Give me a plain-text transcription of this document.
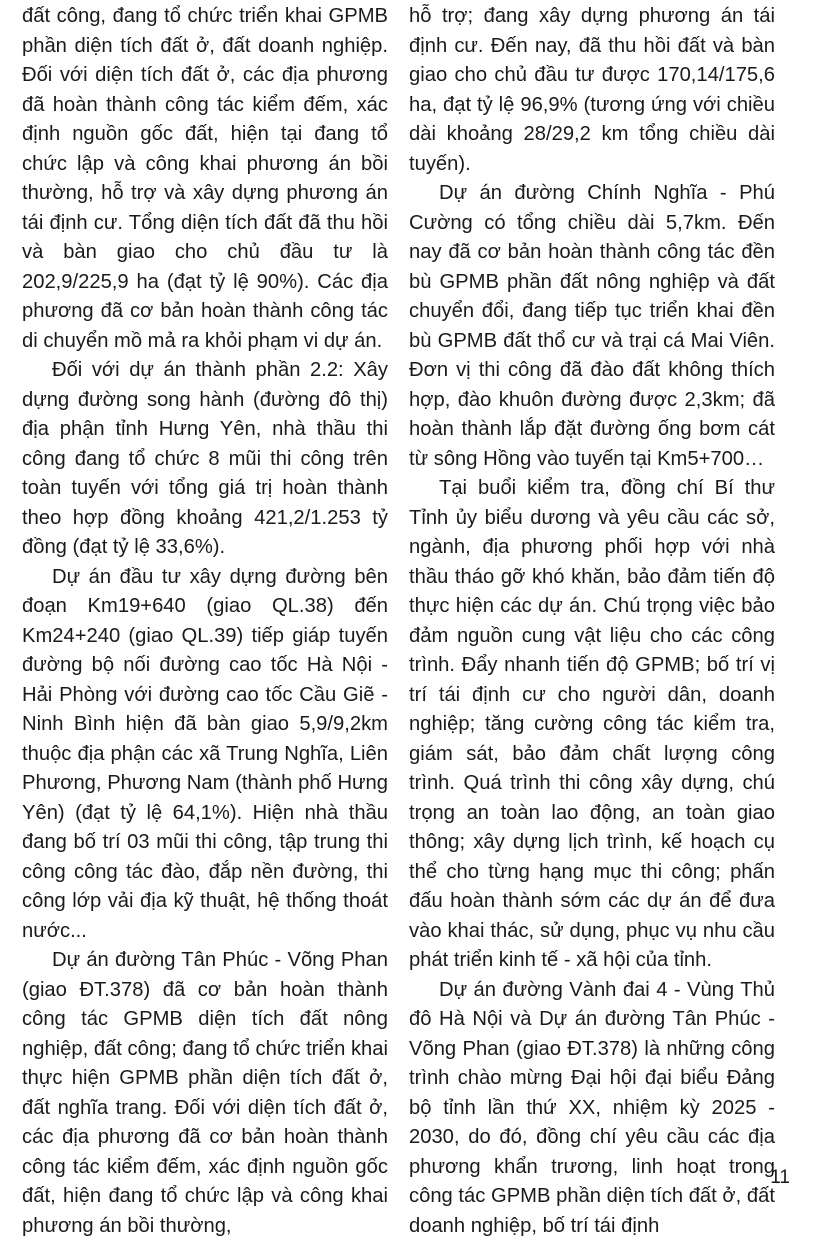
đất công, đang tổ chức triển khai GPMB phần diện tích đất ở, đất doanh nghiệp. Đối với diện tích đất ở, các địa phương đã hoàn thành công tác kiểm đếm, xác định nguồn gốc đất, hiện tại đang tổ chức lập và công khai phương án bồi thường, hỗ trợ và xây dựng phương án tái định cư. Tổng diện tích đất đã thu hồi và bàn giao cho chủ đầu tư là 202,9/225,9 ha (đạt tỷ lệ 90%). Các địa phương đã cơ bản hoàn thành công tác di chuyển mồ mả ra khỏi phạm vi dự án.

Đối với dự án thành phần 2.2: Xây dựng đường song hành (đường đô thị) địa phận tỉnh Hưng Yên, nhà thầu thi công đang tổ chức 8 mũi thi công trên toàn tuyến với tổng giá trị hoàn thành theo hợp đồng khoảng 421,2/1.253 tỷ đồng (đạt tỷ lệ 33,6%).

Dự án đầu tư xây dựng đường bên đoạn Km19+640 (giao QL.38) đến Km24+240 (giao QL.39) tiếp giáp tuyến đường bộ nối đường cao tốc Hà Nội - Hải Phòng với đường cao tốc Cầu Giẽ - Ninh Bình hiện đã bàn giao 5,9/9,2km thuộc địa phận các xã Trung Nghĩa, Liên Phương, Phương Nam (thành phố Hưng Yên) (đạt tỷ lệ 64,1%). Hiện nhà thầu đang bố trí 03 mũi thi công, tập trung thi công công tác đào, đắp nền đường, thi công lớp vải địa kỹ thuật, hệ thống thoát nước...

Dự án đường Tân Phúc - Võng Phan (giao ĐT.378) đã cơ bản hoàn thành công tác GPMB diện tích đất nông nghiệp, đất công; đang tổ chức triển khai thực hiện GPMB phần diện tích đất ở, đất nghĩa trang. Đối với diện tích đất ở, các địa phương đã cơ bản hoàn thành công tác kiểm đếm, xác định nguồn gốc đất, hiện đang tổ chức lập và công khai phương án bồi thường,

hỗ trợ; đang xây dựng phương án tái định cư. Đến nay, đã thu hồi đất và bàn giao cho chủ đầu tư được 170,14/175,6 ha, đạt tỷ lệ 96,9% (tương ứng với chiều dài khoảng 28/29,2 km tổng chiều dài tuyến).

Dự án đường Chính Nghĩa - Phú Cường có tổng chiều dài 5,7km. Đến nay đã cơ bản hoàn thành công tác đền bù GPMB phần đất nông nghiệp và đất chuyển đổi, đang tiếp tục triển khai đền bù GPMB đất thổ cư và trại cá Mai Viên. Đơn vị thi công đã đào đất không thích hợp, đào khuôn đường được 2,3km; đã hoàn thành lắp đặt đường ống bơm cát từ sông Hồng vào tuyến tại Km5+700…

Tại buổi kiểm tra, đồng chí Bí thư Tỉnh ủy biểu dương và yêu cầu các sở, ngành, địa phương phối hợp với nhà thầu tháo gỡ khó khăn, bảo đảm tiến độ thực hiện các dự án. Chú trọng việc bảo đảm nguồn cung vật liệu cho các công trình. Đẩy nhanh tiến độ GPMB; bố trí vị trí tái định cư cho người dân, doanh nghiệp; tăng cường công tác kiểm tra, giám sát, bảo đảm chất lượng công trình. Quá trình thi công xây dựng, chú trọng an toàn lao động, an toàn giao thông; xây dựng lịch trình, kế hoạch cụ thể cho từng hạng mục thi công; phấn đấu hoàn thành sớm các dự án để đưa vào khai thác, sử dụng, phục vụ nhu cầu phát triển kinh tế - xã hội của tỉnh.

Dự án đường Vành đai 4 - Vùng Thủ đô Hà Nội và Dự án đường Tân Phúc - Võng Phan (giao ĐT.378) là những công trình chào mừng Đại hội đại biểu Đảng bộ tỉnh lần thứ XX, nhiệm kỳ 2025 - 2030, do đó, đồng chí yêu cầu các địa phương khẩn trương, linh hoạt trong công tác GPMB phần diện tích đất ở, đất doanh nghiệp, bố trí tái định

11
